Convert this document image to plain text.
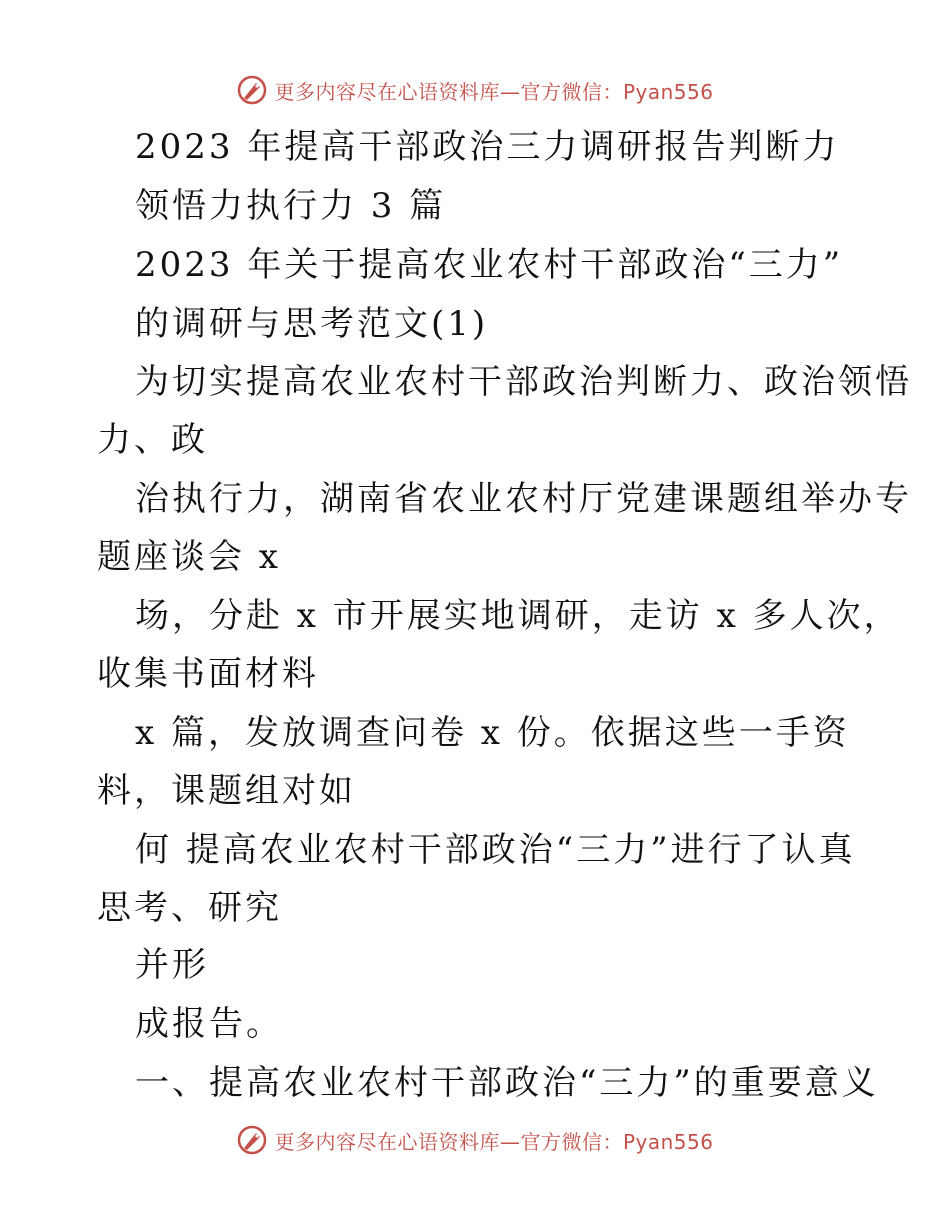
更多内容尽在心语资料库—官方微信：Pyan556
2023 年提高干部政治三力调研报告判断力
领悟力执行力 3 篇
2023 年关于提高农业农村干部政治“三力”
的调研与思考范文(1)
为切实提高农业农村干部政治判断力、政治领悟
力、政
治执行力，湖南省农业农村厅党建课题组举办专
题座谈会 x
场，分赴 x 市开展实地调研，走访 x 多人次，
收集书面材料
x 篇，发放调查问卷 x 份。依据这些一手资
料，课题组对如
何 提高农业农村干部政治“三力”进行了认真
思考、研究
并形
成报告。
一、提高农业农村干部政治“三力”的重要意义
更多内容尽在心语资料库—官方微信：Pyan556
